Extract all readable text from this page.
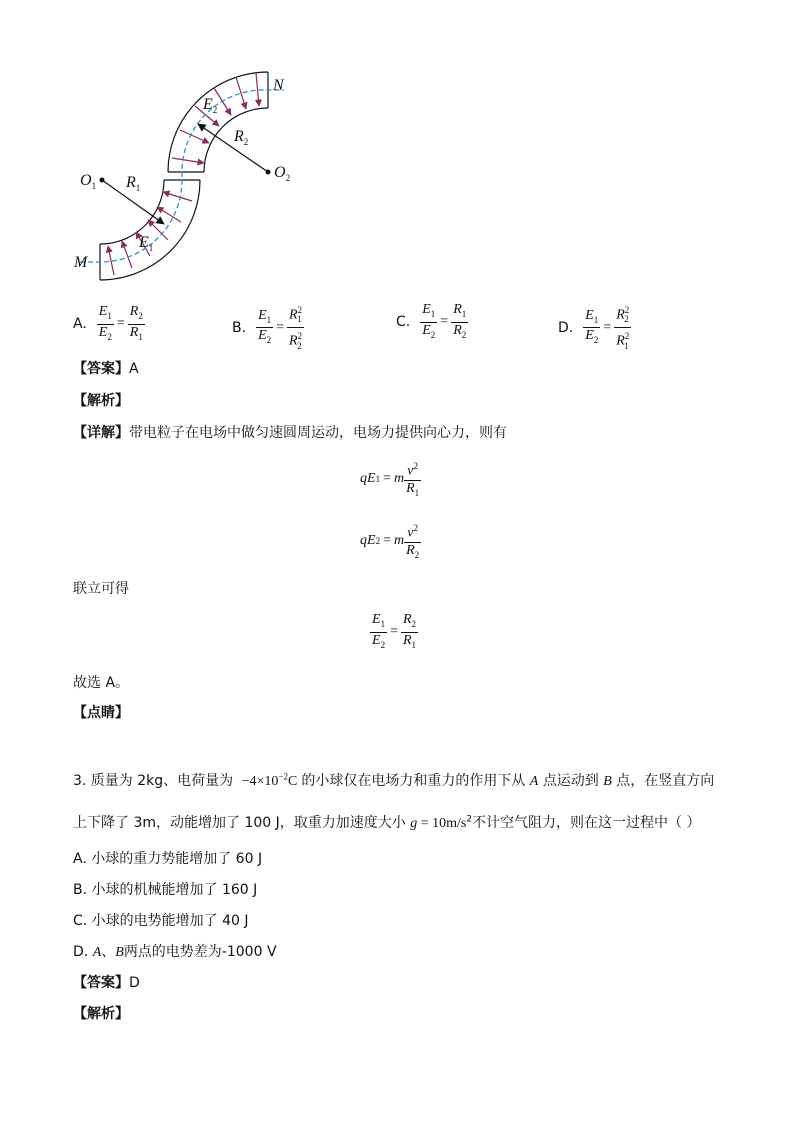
N
M
$O_1$
$O_2$
$R_1$
$R_2$
$E_1$
$E_2$
A. $\frac{E_1}{E_2} = \frac{R_2}{R_1}$	B. $\frac{E_1}{E_2} = \frac{R^2_1}{R^2_2}$	C. $\frac{E_1}{E_2} = \frac{R_1}{R_2}$	D. $\frac{E_1}{E_2} = \frac{R^2_2}{R^2_1}$
【答案】A
【解析】
【详解】带电粒子在电场中做匀速圆周运动，电场力提供向心力，则有
qE 1 = m $\frac{v^2}{R_1}$
qE 2 = m $\frac{v^2}{R_2}$
联立可得
$\frac{E_1}{E_2} = \frac{R_2}{R_1}$
故选 A。
【点睛】
3. 质量为 2kg、电荷量为 $-4\times 10^{-2}C$ 的小球仅在电场力和重力的作用下从 A 点运动到 B 点，在竖直方向
上下降了 3m，动能增加了 100 J，取重力加速度大小 $g = 10m/s^2$不计空气阻力，则在这一过程中（ ）
A. 小球的重力势能增加了 60 J
B. 小球的机械能增加了 160 J
C. 小球的电势能增加了 40 J
D. A、B两点的电势差为-1000 V
【答案】D
【解析】
